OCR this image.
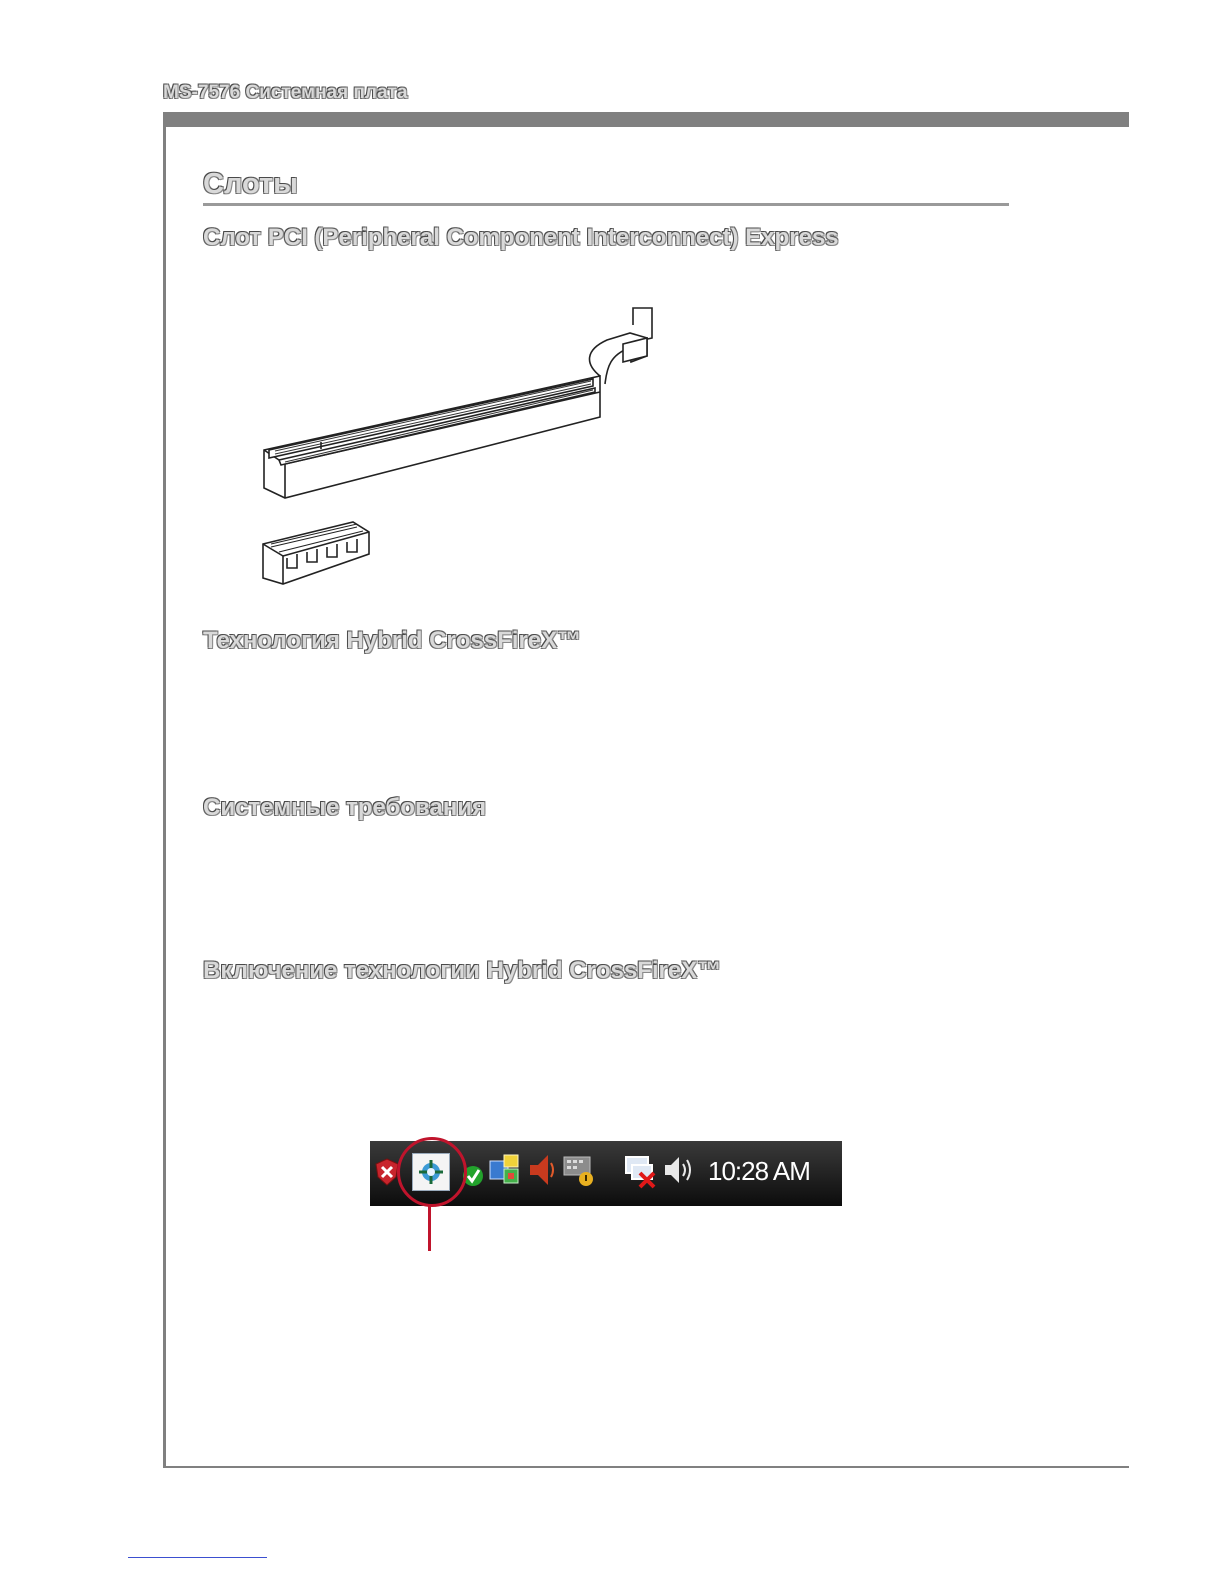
MS-7576 Системная плата
Слоты
Слот PCI (Peripheral Component Interconnect) Express
Технология Hybrid CrossFireX™
Системные требования
Включение технологии Hybrid CrossFireX™
10:28 AM
